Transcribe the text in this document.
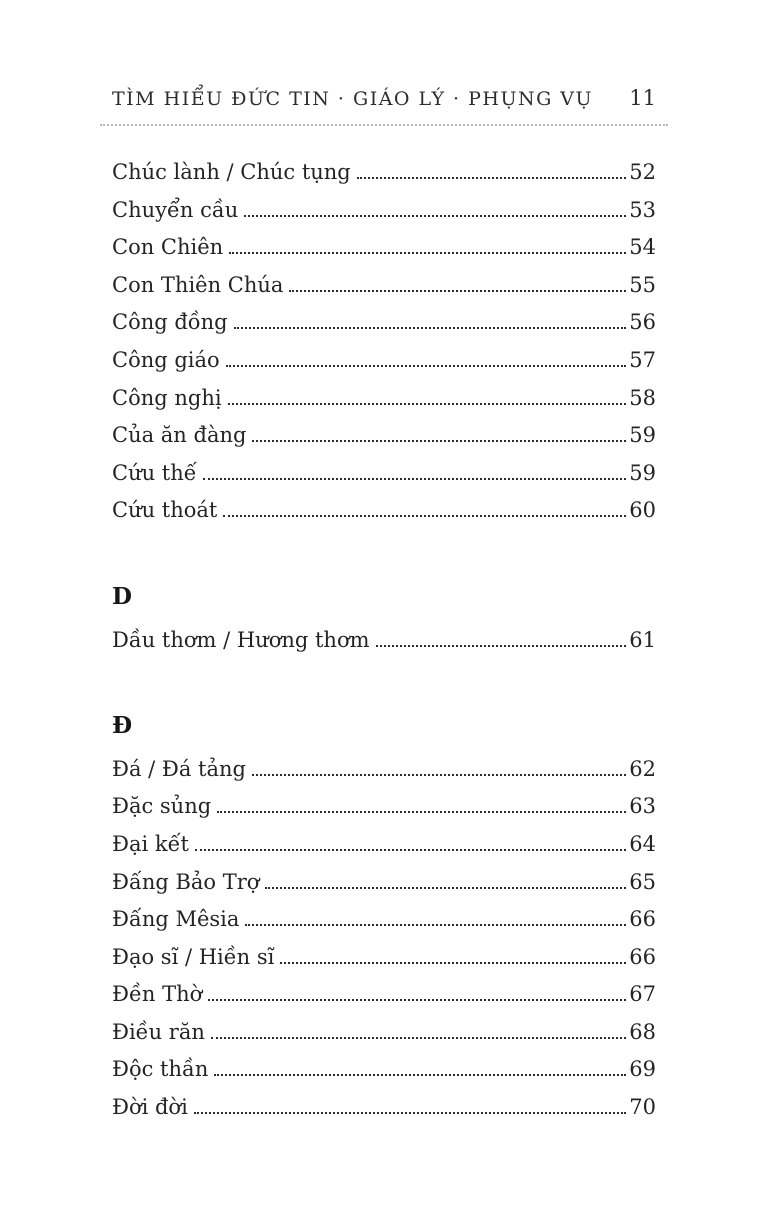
TÌM HIỂU ĐỨC TIN · GIÁO LÝ · PHỤNG VỤ 11
Chúc lành / Chúc tụng	52
Chuyển cầu	53
Con Chiên	54
Con Thiên Chúa	55
Công đồng	56
Công giáo	57
Công nghị	58
Của ăn đàng	59
Cứu thế	59
Cứu thoát	60
D
Dầu thơm / Hương thơm	61
Đ
Đá / Đá tảng	62
Đặc sủng	63
Đại kết	64
Đấng Bảo Trợ	65
Đấng Mêsia	66
Đạo sĩ / Hiền sĩ	66
Đền Thờ	67
Điều răn	68
Độc thần	69
Đời đời	70
